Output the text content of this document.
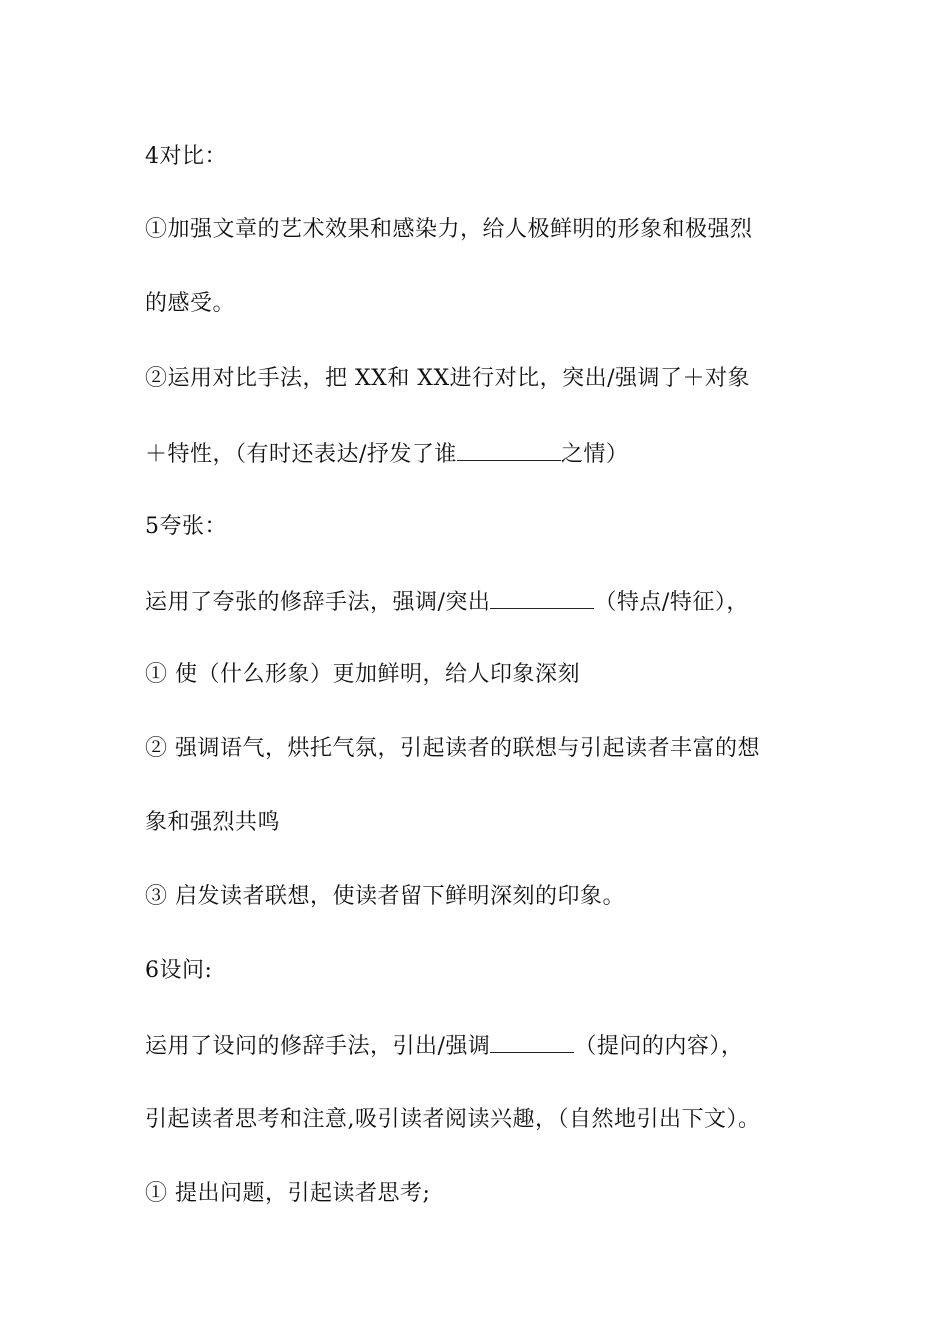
4对比：
①加强文章的艺术效果和感染力，给人极鲜明的形象和极强烈
的感受。
②运用对比手法，把 XX和 XX进行对比，突出/强调了＋对象
＋特性，（有时还表达/抒发了谁	之情）
5夸张：
运用了夸张的修辞手法，强调/突出	（特点/特征），
① 使（什么形象）更加鲜明，给人印象深刻
② 强调语气，烘托气氛，引起读者的联想与引起读者丰富的想
象和强烈共鸣
③ 启发读者联想，使读者留下鲜明深刻的印象。
6设问:
运用了设问的修辞手法，引出/强调	（提问的内容），
引起读者思考和注意,吸引读者阅读兴趣，（自然地引出下文）。
① 提出问题，引起读者思考;
